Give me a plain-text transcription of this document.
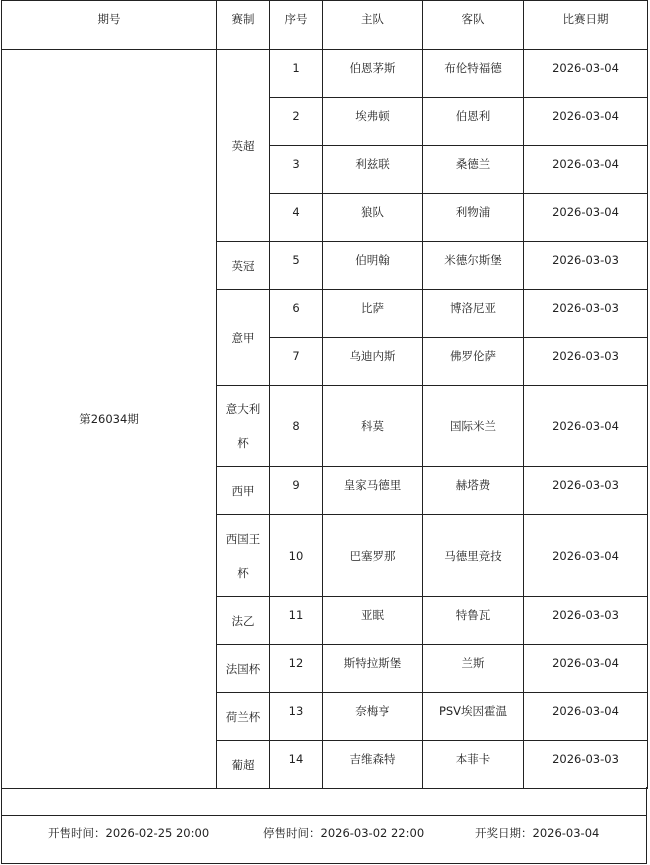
期号	赛制	序号	主队	客队	比赛日期
第26034期	英超	1	伯恩茅斯	布伦特福德	2026-03-04
		2	埃弗顿	伯恩利	2026-03-04
		3	利兹联	桑德兰	2026-03-04
		4	狼队	利物浦	2026-03-04
	英冠	5	伯明翰	米德尔斯堡	2026-03-03
	意甲	6	比萨	博洛尼亚	2026-03-03
		7	乌迪内斯	佛罗伦萨	2026-03-03
	意大利杯	8	科莫	国际米兰	2026-03-04
	西甲	9	皇家马德里	赫塔费	2026-03-03
	西国王杯	10	巴塞罗那	马德里竞技	2026-03-04
	法乙	11	亚眠	特鲁瓦	2026-03-03
	法国杯	12	斯特拉斯堡	兰斯	2026-03-04
	荷兰杯	13	奈梅亨	PSV埃因霍温	2026-03-04
	葡超	14	吉维森特	本菲卡	2026-03-03
开售时间：2026-02-25 20:00	停售时间：2026-03-02 22:00	开奖日期：2026-03-04
